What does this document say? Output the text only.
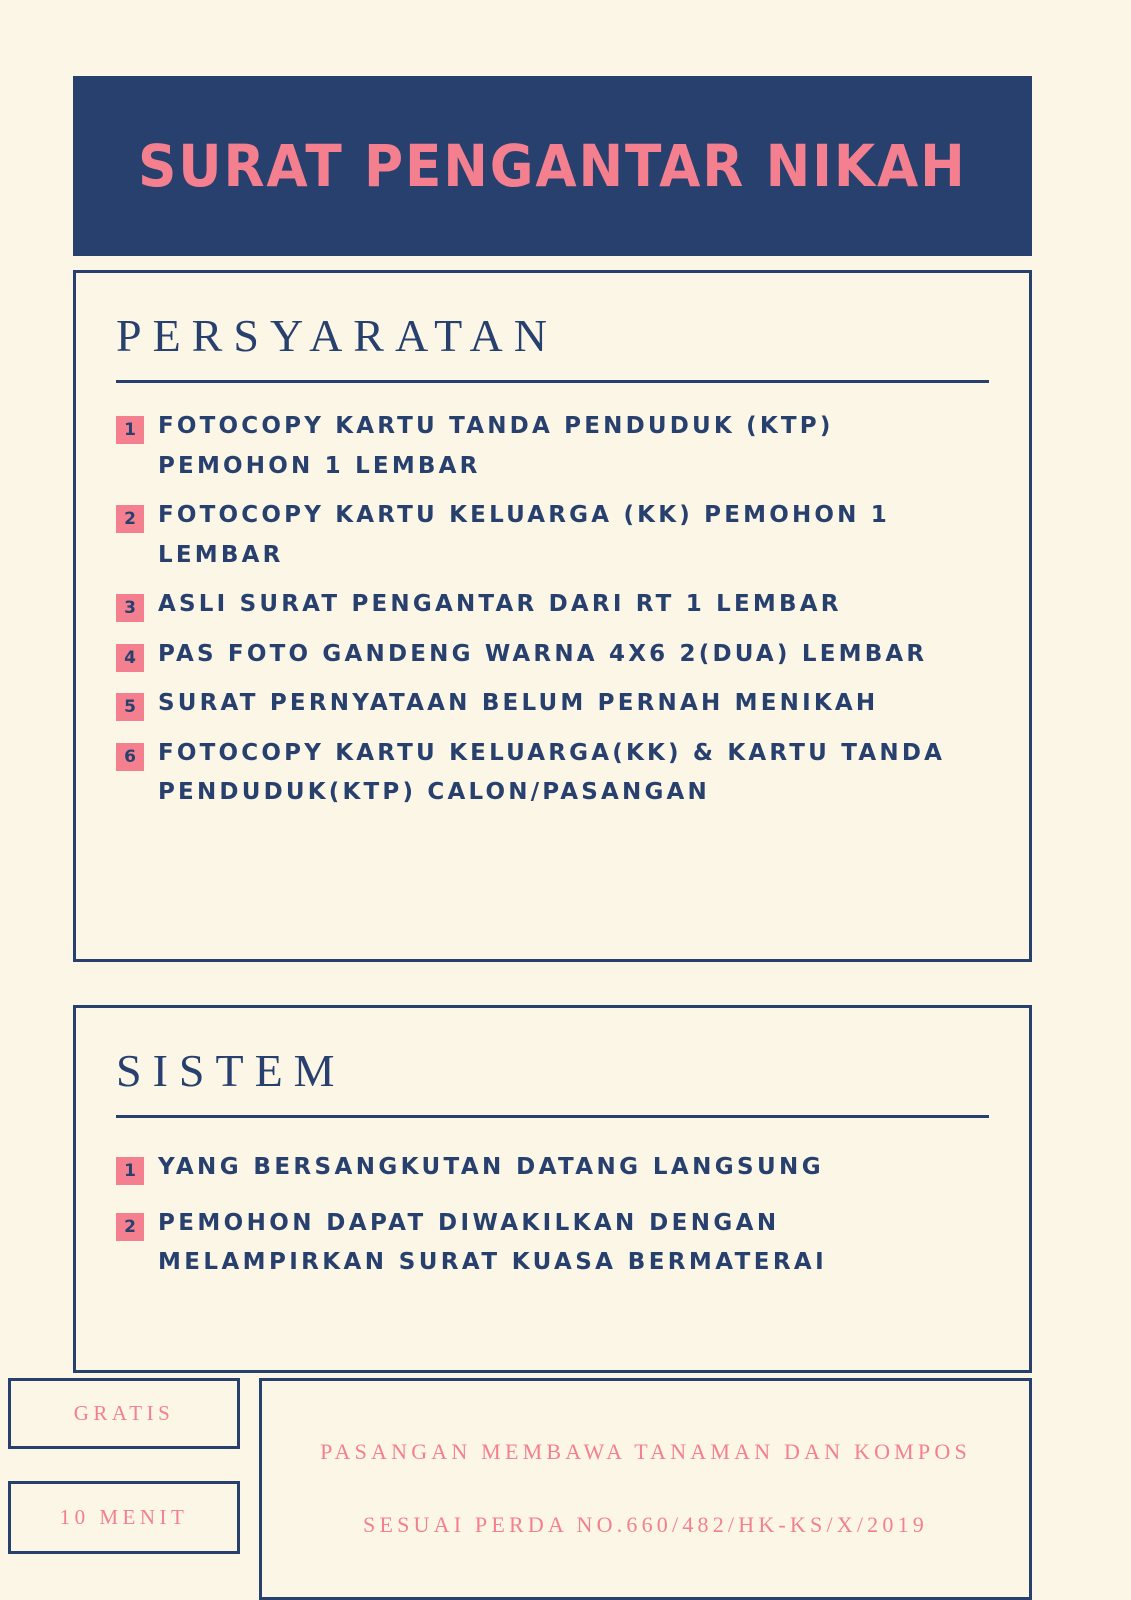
SURAT PENGANTAR NIKAH
PERSYARATAN
1 FOTOCOPY KARTU TANDA PENDUDUK (KTP) PEMOHON 1 LEMBAR
2 FOTOCOPY KARTU KELUARGA (KK) PEMOHON 1 LEMBAR
3 ASLI SURAT PENGANTAR DARI RT 1 LEMBAR
4 PAS FOTO GANDENG WARNA 4X6 2(DUA) LEMBAR
5 SURAT PERNYATAAN BELUM PERNAH MENIKAH
6 FOTOCOPY KARTU KELUARGA(KK) & KARTU TANDA PENDUDUK(KTP) CALON/PASANGAN
SISTEM
1 YANG BERSANGKUTAN DATANG LANGSUNG
2 PEMOHON DAPAT DIWAKILKAN DENGAN MELAMPIRKAN SURAT KUASA BERMATERAI
GRATIS
10 MENIT
PASANGAN MEMBAWA TANAMAN DAN KOMPOS
SESUAI PERDA NO.660/482/HK-KS/X/2019
